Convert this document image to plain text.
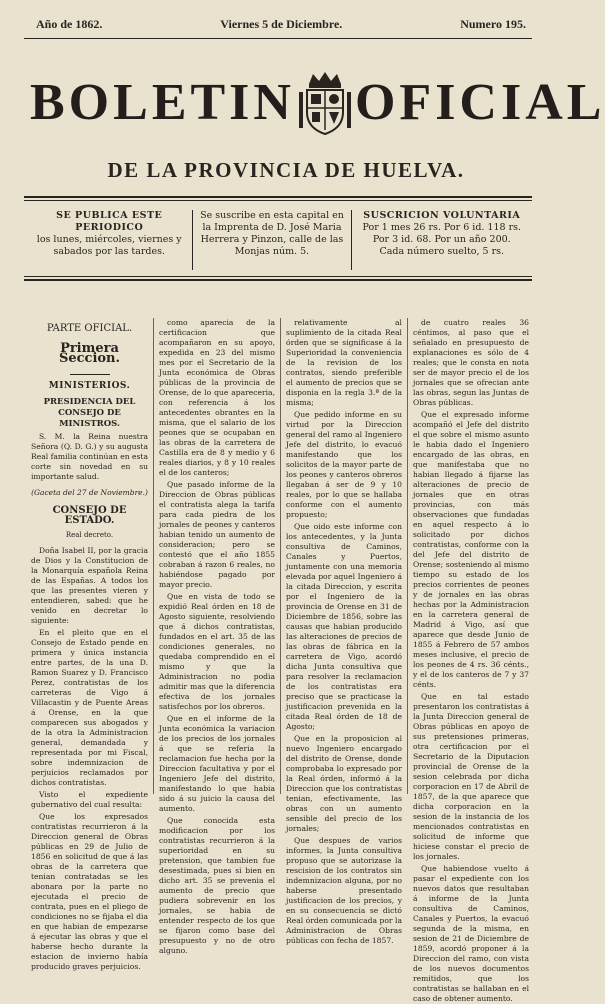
Año de 1862.	Viernes 5 de Diciembre.	Numero 195.
BOLETIN OFICIAL
DE LA PROVINCIA DE HUELVA.
SE PUBLICA ESTE PERIODICO
los lunes, miércoles, viernes y sabados por las tardes.
Se suscribe en esta capital en la Imprenta de D. José Maria Herrera y Pinzon, calle de las Monjas núm. 5.
SUSCRICION VOLUNTARIA
Por 1 mes 26 rs. Por 6 id. 118 rs.
Por 3 id. 68. Por un año 200.
Cada número suelto, 5 rs.
PARTE OFICIAL.
Primera Seccion.
MINISTERIOS.
PRESIDENCIA DEL CONSEJO DE MINISTROS.

S. M. la Reina nuestra Señora (Q. D. G.) y su augusta Real familia continúan en esta corte sin novedad en su importante salud.

(Gaceta del 27 de Noviembre.)
CONSEJO DE ESTADO.
Real decreto.

Doña Isabel II, por la gracia de Dios y la Constitucion de la Monarquía española Reina de las Españas. A todos los que las presentes vieren y entendieren, sabed: que he venido en decretar lo siguiente:

En el pleito que en el Consejo de Estado pende en primera y única instancia entre partes, de la una D. Ramon Suarez y D. Francisco Perez, contratistas de los carreteras de Vigo á Villacastin y de Puente Areas á Orense, en la que comparecen sus abogados y de la otra la Administracion general, demandada y representada por mi Fiscal, sobre indemnizacion de perjuicios reclamados por dichos contratistas.

Visto el expediente gubernativo del cual resulta:

Que los expresados contratistas recurrieron á la Direccion general de Obras públicas en 29 de Julio de 1856 en solicitud de que á las obras de la carretera que tenian contratadas se les abonara por la parte no ejecutada el precio de contrata, pues en el pliego de condiciones no se fijaba el dia en que habian de empezarse á ejecutar las obras y que el haberse hecho durante la estacion de invierno había producido graves perjuicios.

como aparecia de la certificacion que acompañaron en su apoyo, expedida en 23 del mismo mes por el Secretario de la Junta económica de Obras públicas de la provincia de Orense, de lo que apareceria, con referencia á los antecedentes obrantes en la misma, que el salario de los peones que se ocupaban en las obras de la carretera de Castilla era de 8 y medio y 6 reales diarios, y 8 y 10 reales el de los canteros;

Que pasado informe de la Direccion de Obras públicas el contratista alega la tarifa para cada piedra de los jornales de peones y canteros habian tenido un aumento de consideracion; pero se contestó que el año 1855 cobraban á razon 6 reales, no habiéndose pagado por mayor precio.

Que en vista de todo se expidió Real órden en 18 de Agosto siguiente, resolviendo que á dichos contratistas, fundados en el art. 35 de las condiciones generales, no quedaba comprendido en el mismo y que la Administracion no podia admitir mas que la diferencia efectiva de los jornales satisfechos por los obreros.

Que en el informe de la Junta económica la variacion de los precios de los jornales á que se referia la reclamacion fue hecha por la Direccion facultativa y por el Ingeniero Jefe del distrito, manifestando lo que habia sido á su juicio la causa del aumento.

Que conocida esta modificacion por los contratistas recurrieron á la superioridad en su pretension, que tambien fue desestimada, pues si bien en dicho art. 35 se prevenia el aumento de precio que pudiera sobrevenir en los jornales, se habia de entender respecto de los que se fijaron como base del presupuesto y no de otro alguno.

relativamente al suplimiento de la citada Real órden que se significase á la Superioridad la conveniencia de la revision de los contratos, siendo preferible el aumento de precios que se disponia en la regla 3.ª de la misma;

Que pedido informe en su virtud por la Direccion general del ramo al Ingeniero Jefe del distrito, lo evacuó manifestando que los solicitos de la mayor parte de los peones y canteros obreros llegaban á ser de 9 y 10 reales, por lo que se hallaba conforme con el aumento propuesto;

Que oido este informe con los antecedentes, y la Junta consultiva de Caminos, Canales y Puertos, juntamente con una memoria elevada por aquel Ingeniero á la citada Direccion, y escrita por el Ingeniero de la provincia de Orense en 31 de Diciembre de 1856, sobre las causas que habian producido las alteraciones de precios de las obras de fábrica en la carretera de Vigo, acordó dicha Junta consultiva que para resolver la reclamacion de los contratistas era preciso que se practicase la justificacion prevenida en la citada Real órden de 18 de Agosto;

Que en la proposicion al nuevo Ingeniero encargado del distrito de Orense, donde comprobaba lo expresado por la Real órden, informó á la Direccion que los contratistas tenian, efectivamente, las obras con un aumento sensible del precio de los jornales;

Que despues de varios informes, la Junta consultiva propuso que se autorizase la rescision de los contratos sin indemnizacion alguna, por no haberse presentado justificacion de los precios, y en su consecuencia se dictó Real órden comunicada por la Administracion de Obras públicas con fecha de 1857.

de cuatro reales 36 céntimos, al paso que el señalado en presupuesto de explanaciones es sólo de 4 reales; que le consta en nota ser de mayor precio el de los jornales que se ofrecian ante las obras, segun las Juntas de Obras públicas.

Que el expresado informe acompañó el Jefe del distrito el que sobre el mismo asunto le habia dado el Ingeniero encargado de las obras, en que manifestaba que no habian llegado á fijarse las alteraciones de precio de jornales que en otras provincias, con más observaciones que fundadas en aquel respecto á lo solicitado por dichos contratistas, conforme con la del Jefe del distrito de Orense; sosteniendo al mismo tiempo su estado de los precios corrientes de peones y de jornales en las obras hechas por la Administracion en la carretera general de Madrid á Vigo, así que aparece que desde Junio de 1855 á Febrero de 57 ambos meses inclusive, el precio de los peones de 4 rs. 36 cénts., y el de los canteros de 7 y 37 cénts.

Que en tal estado presentaron los contratistas á la Junta Direccion general de Obras públicas en apoyo de sus pretensiones primeras, otra certificacion por el Secretario de la Diputacion provincial de Orense de la sesion celebrada por dicha corporacion en 17 de Abril de 1857, de la que aparece que dicha corporacion en la sesion de la instancia de los mencionados contratistas en solicitud de informe que hiciese constar el precio de los jornales.

Que habiendose vuelto á pasar el expediente con los nuevos datos que resultaban á informe de la Junta consultiva de Caminos, Canales y Puertos, la evacuó segunda de la misma, en sesion de 21 de Diciembre de 1859, acordó proponer á la Direccion del ramo, con vista de los nuevos documentos remitidos, que los contratistas se hallaban en el caso de obtener aumento.
